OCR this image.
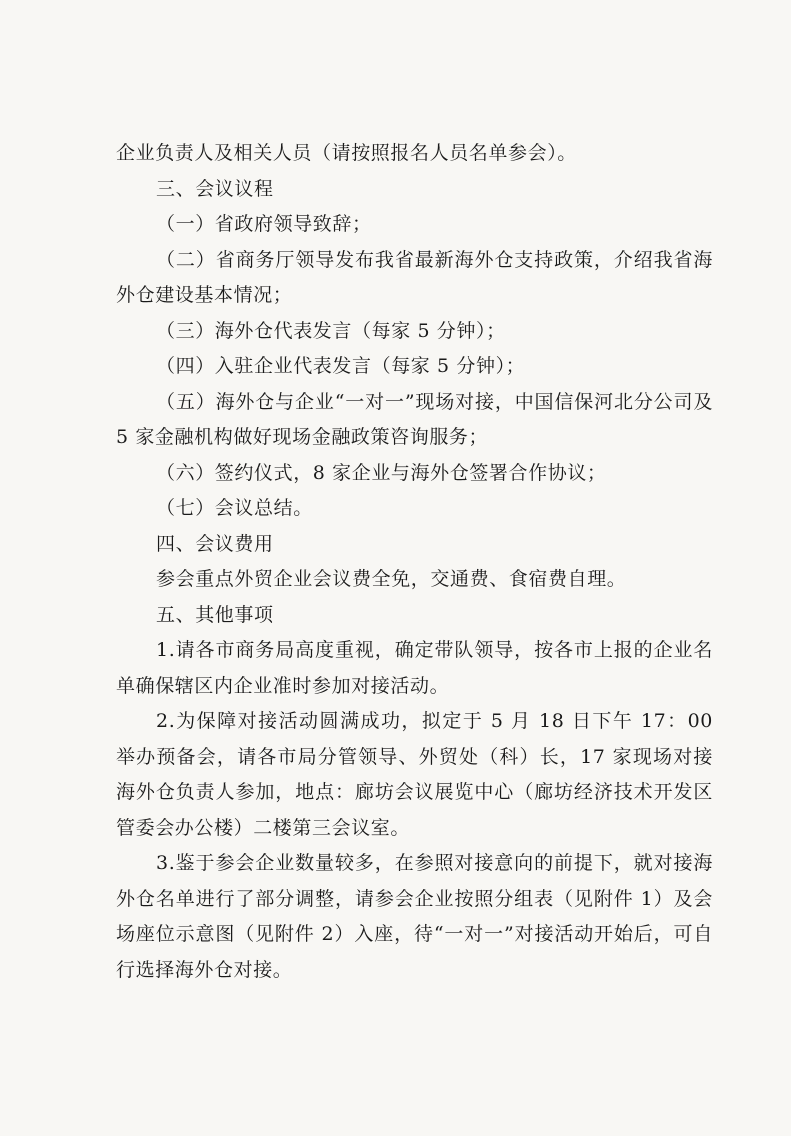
企业负责人及相关人员（请按照报名人员名单参会）。

三、会议议程

（一）省政府领导致辞；

（二）省商务厅领导发布我省最新海外仓支持政策，介绍我省海外仓建设基本情况；

（三）海外仓代表发言（每家 5 分钟）；

（四）入驻企业代表发言（每家 5 分钟）；

（五）海外仓与企业“一对一”现场对接，中国信保河北分公司及 5 家金融机构做好现场金融政策咨询服务；

（六）签约仪式，8 家企业与海外仓签署合作协议；

（七）会议总结。

四、会议费用

参会重点外贸企业会议费全免，交通费、食宿费自理。

五、其他事项

1.请各市商务局高度重视，确定带队领导，按各市上报的企业名单确保辖区内企业准时参加对接活动。

2.为保障对接活动圆满成功，拟定于 5 月 18 日下午 17：00 举办预备会，请各市局分管领导、外贸处（科）长，17 家现场对接海外仓负责人参加，地点：廊坊会议展览中心（廊坊经济技术开发区管委会办公楼）二楼第三会议室。

3.鉴于参会企业数量较多，在参照对接意向的前提下，就对接海外仓名单进行了部分调整，请参会企业按照分组表（见附件 1）及会场座位示意图（见附件 2）入座，待“一对一”对接活动开始后，可自行选择海外仓对接。
